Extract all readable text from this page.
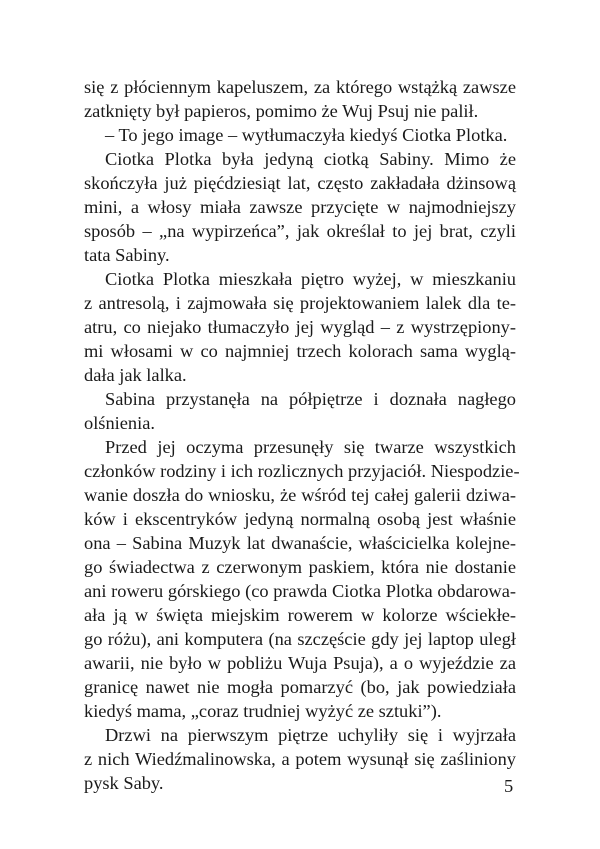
się z płóciennym kapeluszem, za którego wstążką zawsze
zatknięty był papieros, pomimo że Wuj Psuj nie palił.
– To jego image – wytłumaczyła kiedyś Ciotka Plotka.
Ciotka Plotka była jedyną ciotką Sabiny. Mimo że
skończyła już pięćdziesiąt lat, często zakładała dżinsową
mini, a włosy miała zawsze przycięte w najmodniejszy
sposób – „na wypirzeńca”, jak określał to jej brat, czyli
tata Sabiny.
Ciotka Plotka mieszkała piętro wyżej, w mieszkaniu
z antresolą, i zajmowała się projektowaniem lalek dla te-
atru, co niejako tłumaczyło jej wygląd – z wystrzępiony-
mi włosami w co najmniej trzech kolorach sama wyglą-
dała jak lalka.
Sabina przystanęła na półpiętrze i doznała nagłego
olśnienia.
Przed jej oczyma przesunęły się twarze wszystkich
członków rodziny i ich rozlicznych przyjaciół. Niespodzie-
wanie doszła do wniosku, że wśród tej całej galerii dziwa-
ków i ekscentryków jedyną normalną osobą jest właśnie
ona – Sabina Muzyk lat dwanaście, właścicielka kolejne-
go świadectwa z czerwonym paskiem, która nie dostanie
ani roweru górskiego (co prawda Ciotka Plotka obdarowa-
ała ją w święta miejskim rowerem w kolorze wściekłe-
go różu), ani komputera (na szczęście gdy jej laptop uległ
awarii, nie było w pobliżu Wuja Psuja), a o wyjeździe za
granicę nawet nie mogła pomarzyć (bo, jak powiedziała
kiedyś mama, „coraz trudniej wyżyć ze sztuki”).
Drzwi na pierwszym piętrze uchyliły się i wyjrzała
z nich Wiedźmalinowska, a potem wysunął się zaśliniony
pysk Saby.	5
